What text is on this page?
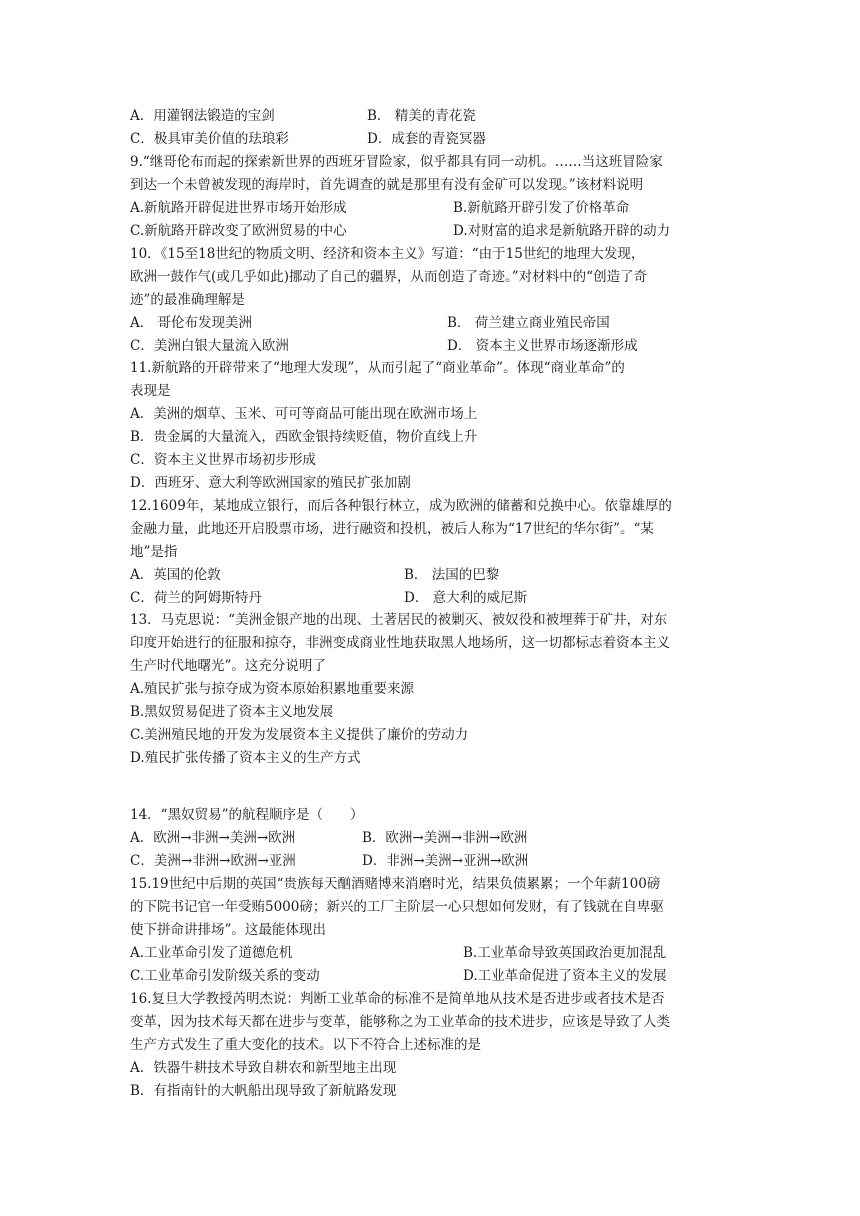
A．用灌钢法锻造的宝剑	B． 精美的青花瓷
C．极具审美价值的珐琅彩	D．成套的青瓷冥器
9.“继哥伦布而起的探索新世界的西班牙冒险家，似乎都具有同一动机。……当这班冒险家
到达一个未曾被发现的海岸时，首先调查的就是那里有没有金矿可以发现。”该材料说明
A.新航路开辟促进世界市场开始形成	B.新航路开辟引发了价格革命
C.新航路开辟改变了欧洲贸易的中心	D.对财富的追求是新航路开辟的动力
10．《15至18世纪的物质文明、经济和资本主义》写道：“由于15世纪的地理大发现，
欧洲一鼓作气(或几乎如此)挪动了自己的疆界，从而创造了奇迹。”对材料中的“创造了奇
迹”的最准确理解是
A． 哥伦布发现美洲	B． 荷兰建立商业殖民帝国
C．美洲白银大量流入欧洲	D． 资本主义世界市场逐渐形成
11.新航路的开辟带来了“地理大发现”，从而引起了“商业革命”。体现“商业革命”的
表现是
A．美洲的烟草、玉米、可可等商品可能出现在欧洲市场上
B．贵金属的大量流入，西欧金银持续贬值，物价直线上升
C．资本主义世界市场初步形成
D．西班牙、意大利等欧洲国家的殖民扩张加剧
12.1609年，某地成立银行，而后各种银行林立，成为欧洲的储蓄和兑换中心。依靠雄厚的
金融力量，此地还开启股票市场，进行融资和投机，被后人称为“17世纪的华尔街”。“某
地”是指
A．英国的伦敦	B． 法国的巴黎
C．荷兰的阿姆斯特丹	D． 意大利的威尼斯
13．马克思说：“美洲金银产地的出现、土著居民的被剿灭、被奴役和被埋葬于矿井，对东
印度开始进行的征服和掠夺，非洲变成商业性地获取黑人地场所，这一切都标志着资本主义
生产时代地曙光”。这充分说明了
A.殖民扩张与掠夺成为资本原始积累地重要来源
B.黑奴贸易促进了资本主义地发展
C.美洲殖民地的开发为发展资本主义提供了廉价的劳动力
D.殖民扩张传播了资本主义的生产方式
14．“黑奴贸易”的航程顺序是（　　）
A．欧洲→非洲→美洲→欧洲	B．欧洲→美洲→非洲→欧洲
C．美洲→非洲→欧洲→亚洲	D．非洲→美洲→亚洲→欧洲
15.19世纪中后期的英国“贵族每天酗酒赌博来消磨时光，结果负债累累；一个年薪100磅
的下院书记官一年受贿5000磅；新兴的工厂主阶层一心只想如何发财，有了钱就在自卑驱
使下拼命讲排场”。这最能体现出
A.工业革命引发了道德危机	B.工业革命导致英国政治更加混乱
C.工业革命引发阶级关系的变动	D.工业革命促进了资本主义的发展
16.复旦大学教授芮明杰说：判断工业革命的标准不是简单地从技术是否进步或者技术是否
变革，因为技术每天都在进步与变革，能够称之为工业革命的技术进步，应该是导致了人类
生产方式发生了重大变化的技术。以下不符合上述标准的是
A．铁器牛耕技术导致自耕农和新型地主出现
B．有指南针的大帆船出现导致了新航路发现
